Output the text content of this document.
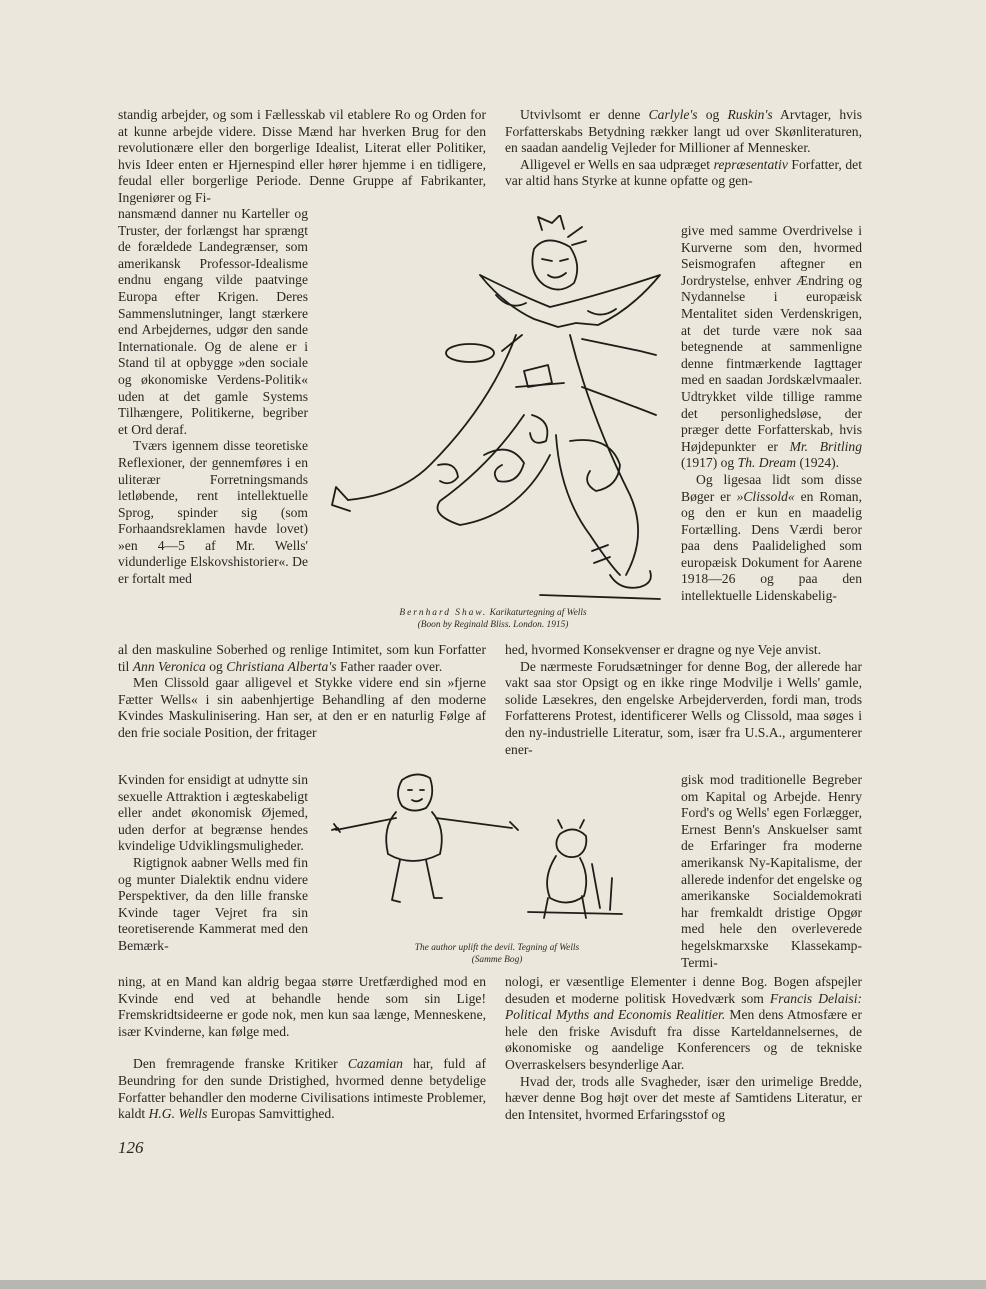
standig arbejder, og som i Fællesskab vil etablere Ro og Orden for at kunne arbejde videre. Disse Mænd har hverken Brug for den revolutionære eller den borgerlige Idealist, Literat eller Politiker, hvis Ideer enten er Hjernespind eller hører hjemme i en tidligere, feudal eller borgerlige Periode. Denne Gruppe af Fabrikanter, Ingeniører og Fi-

nansmænd danner nu Karteller og Truster, der forlængst har sprængt de forældede Landegrænser, som amerikansk Professor-Idealisme endnu engang vilde paatvinge Europa efter Krigen. Deres Sammenslutninger, langt stærkere end Arbejdernes, udgør den sande Internationale. Og de alene er i Stand til at opbygge »den sociale og økonomiske Verdens-Politik« uden at det gamle Systems Tilhængere, Politikerne, begriber et Ord deraf.

Tværs igennem disse teoretiske Reflexioner, der gennemføres i en uliterær Forretningsmands letløbende, rent intellektuelle Sprog, spinder sig (som Forhaandsreklamen havde lovet) »en 4—5 af Mr. Wells' vidunderlige Elskovshistorier«. De er fortalt med

al den maskuline Soberhed og renlige Intimitet, som kun Forfatter til Ann Veronica og Christiana Alberta's Father raader over.

Men Clissold gaar alligevel et Stykke videre end sin »fjerne Fætter Wells« i sin aabenhjertige Behandling af den moderne Kvindes Maskulinisering. Han ser, at den er en naturlig Følge af den frie sociale Position, der fritager

Kvinden for ensidigt at udnytte sin sexuelle Attraktion i ægteskabeligt eller andet økonomisk Øjemed, uden derfor at begrænse hendes kvindelige Udviklingsmuligheder.

Rigtignok aabner Wells med fin og munter Dialektik endnu videre Perspektiver, da den lille franske Kvinde tager Vejret fra sin teoretiserende Kammerat med den Bemærk-

ning, at en Mand kan aldrig begaa større Uretfærdighed mod en Kvinde end ved at behandle hende som sin Lige! Fremskridtsideerne er gode nok, men kun saa længe, Menneskene, især Kvinderne, kan følge med.

Den fremragende franske Kritiker Cazamian har, fuld af Beundring for den sunde Dristighed, hvormed denne betydelige Forfatter behandler den moderne Civilisations intimeste Problemer, kaldt H.G. Wells Europas Samvittighed.

Utvivlsomt er denne Carlyle's og Ruskin's Arvtager, hvis Forfatterskabs Betydning rækker langt ud over Skønliteraturen, en saadan aandelig Vejleder for Millioner af Mennesker.

Alligevel er Wells en saa udpræget repræsentativ Forfatter, det var altid hans Styrke at kunne opfatte og gen-

give med samme Overdrivelse i Kurverne som den, hvormed Seismografen aftegner en Jordrystelse, enhver Ændring og Nydannelse i europæisk Mentalitet siden Verdenskrigen, at det turde være nok saa betegnende at sammenligne denne fintmærkende Iagttager med en saadan Jordskælvmaaler. Udtrykket vilde tillige ramme det personlighedsløse, der præger dette Forfatterskab, hvis Højdepunkter er Mr. Britling (1917) og Th. Dream (1924).

Og ligesaa lidt som disse Bøger er »Clissold« en Roman, og den er kun en maadelig Fortælling. Dens Værdi beror paa dens Paalidelighed som europæisk Dokument for Aarene 1918—26 og paa den intellektuelle Lidenskabelig-

hed, hvormed Konsekvenser er dragne og nye Veje anvist.

De nærmeste Forudsætninger for denne Bog, der allerede har vakt saa stor Opsigt og en ikke ringe Modvilje i Wells' gamle, solide Læsekres, den engelske Arbejderverden, fordi man, trods Forfatterens Protest, identificerer Wells og Clissold, maa søges i den ny-industrielle Literatur, som, især fra U.S.A., argumenterer ener-

gisk mod traditionelle Begreber om Kapital og Arbejde. Henry Ford's og Wells' egen Forlægger, Ernest Benn's Anskuelser samt de Erfaringer fra moderne amerikansk Ny-Kapitalisme, der allerede indenfor det engelske og amerikanske Socialdemokrati har fremkaldt dristige Opgør med hele den overleverede hegelskmarxske Klassekamp-Termi-

nologi, er væsentlige Elementer i denne Bog. Bogen afspejler desuden et moderne politisk Hovedværk som Francis Delaisi: Political Myths and Economis Realitier. Men dens Atmosfære er hele den friske Avisduft fra disse Karteldannelsernes, de økonomiske og aandelige Konferencers og de tekniske Overraskelsers besynderlige Aar.

Hvad der, trods alle Svagheder, især den urimelige Bredde, hæver denne Bog højt over det meste af Samtidens Literatur, er den Intensitet, hvormed Erfaringsstof og

Bernhard Shaw. Karikaturtegning af Wells
(Boon by Reginald Bliss. London. 1915)
The author uplift the devil. Tegning af Wells
(Samme Bog)
126
